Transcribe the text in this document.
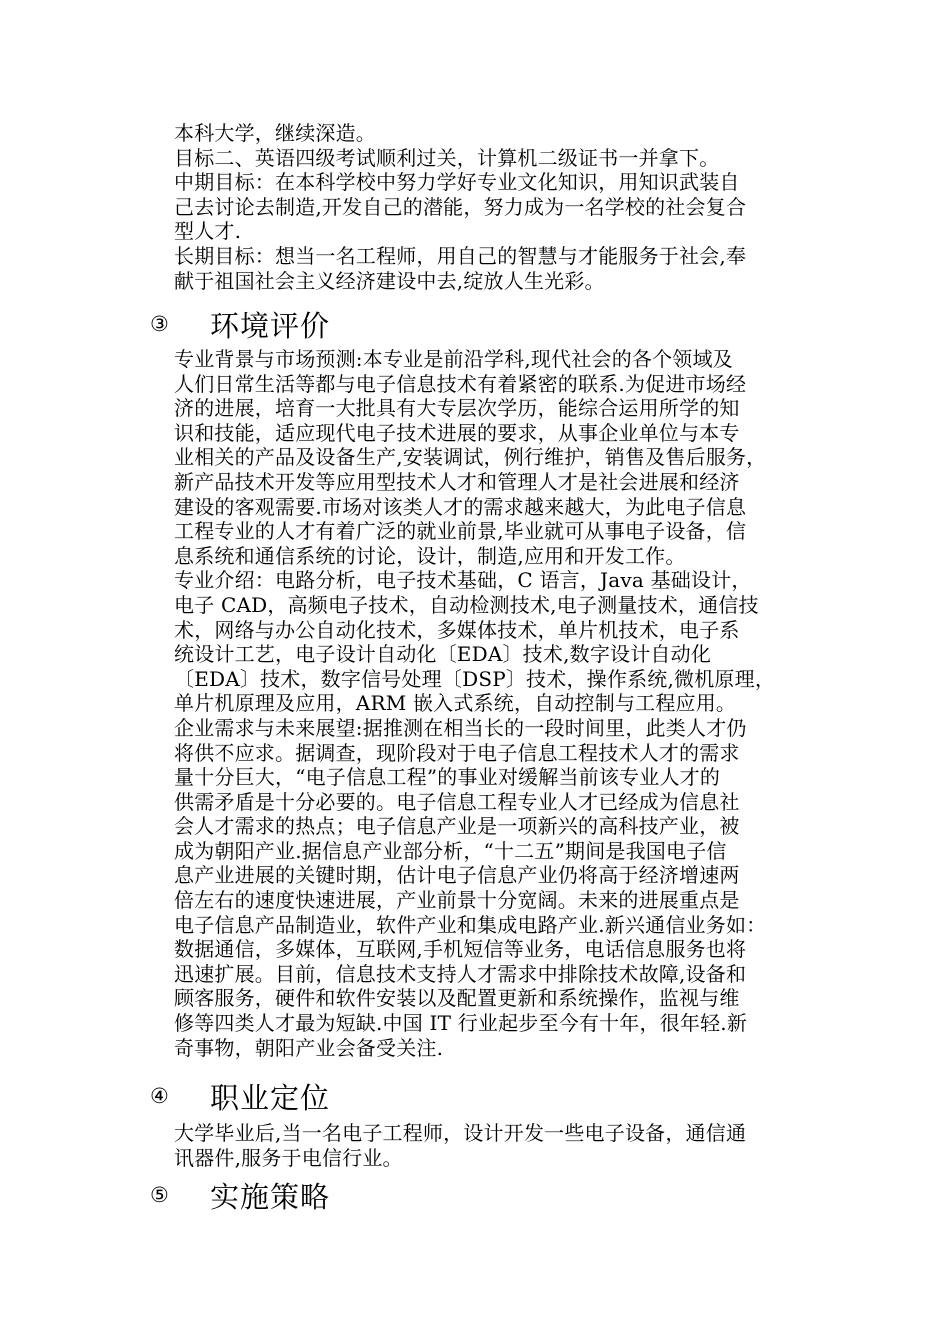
本科大学，继续深造。
目标二、英语四级考试顺利过关，计算机二级证书一并拿下。
中期目标：在本科学校中努力学好专业文化知识，用知识武装自
己去讨论去制造,开发自己的潜能，努力成为一名学校的社会复合
型人才.
长期目标：想当一名工程师，用自己的智慧与才能服务于社会,奉
献于祖国社会主义经济建设中去,绽放人生光彩。

③	环境评价

专业背景与市场预测:本专业是前沿学科,现代社会的各个领域及
人们日常生活等都与电子信息技术有着紧密的联系.为促进市场经
济的进展，培育一大批具有大专层次学历，能综合运用所学的知
识和技能，适应现代电子技术进展的要求，从事企业单位与本专
业相关的产品及设备生产,安装调试，例行维护，销售及售后服务，
新产品技术开发等应用型技术人才和管理人才是社会进展和经济
建设的客观需要.市场对该类人才的需求越来越大，为此电子信息
工程专业的人才有着广泛的就业前景,毕业就可从事电子设备，信
息系统和通信系统的讨论，设计，制造,应用和开发工作。
专业介绍：电路分析，电子技术基础，C 语言，Java 基础设计，
电子 CAD，高频电子技术，自动检测技术,电子测量技术，通信技
术，网络与办公自动化技术，多媒体技术，单片机技术，电子系
统设计工艺，电子设计自动化〔EDA〕技术,数字设计自动化
〔EDA〕技术，数字信号处理〔DSP〕技术，操作系统,微机原理，
单片机原理及应用，ARM 嵌入式系统，自动控制与工程应用。
企业需求与未来展望:据推测在相当长的一段时间里，此类人才仍
将供不应求。据调查，现阶段对于电子信息工程技术人才的需求
量十分巨大，“电子信息工程”的事业对缓解当前该专业人才的
供需矛盾是十分必要的。电子信息工程专业人才已经成为信息社
会人才需求的热点；电子信息产业是一项新兴的高科技产业，被
成为朝阳产业.据信息产业部分析，“十二五”期间是我国电子信
息产业进展的关键时期，估计电子信息产业仍将高于经济增速两
倍左右的速度快速进展，产业前景十分宽阔。未来的进展重点是
电子信息产品制造业，软件产业和集成电路产业.新兴通信业务如：
数据通信，多媒体，互联网,手机短信等业务，电话信息服务也将
迅速扩展。目前，信息技术支持人才需求中排除技术故障,设备和
顾客服务，硬件和软件安装以及配置更新和系统操作，监视与维
修等四类人才最为短缺.中国 IT 行业起步至今有十年，很年轻.新
奇事物，朝阳产业会备受关注.

④	职业定位

大学毕业后,当一名电子工程师，设计开发一些电子设备，通信通
讯器件,服务于电信行业。

⑤	实施策略
